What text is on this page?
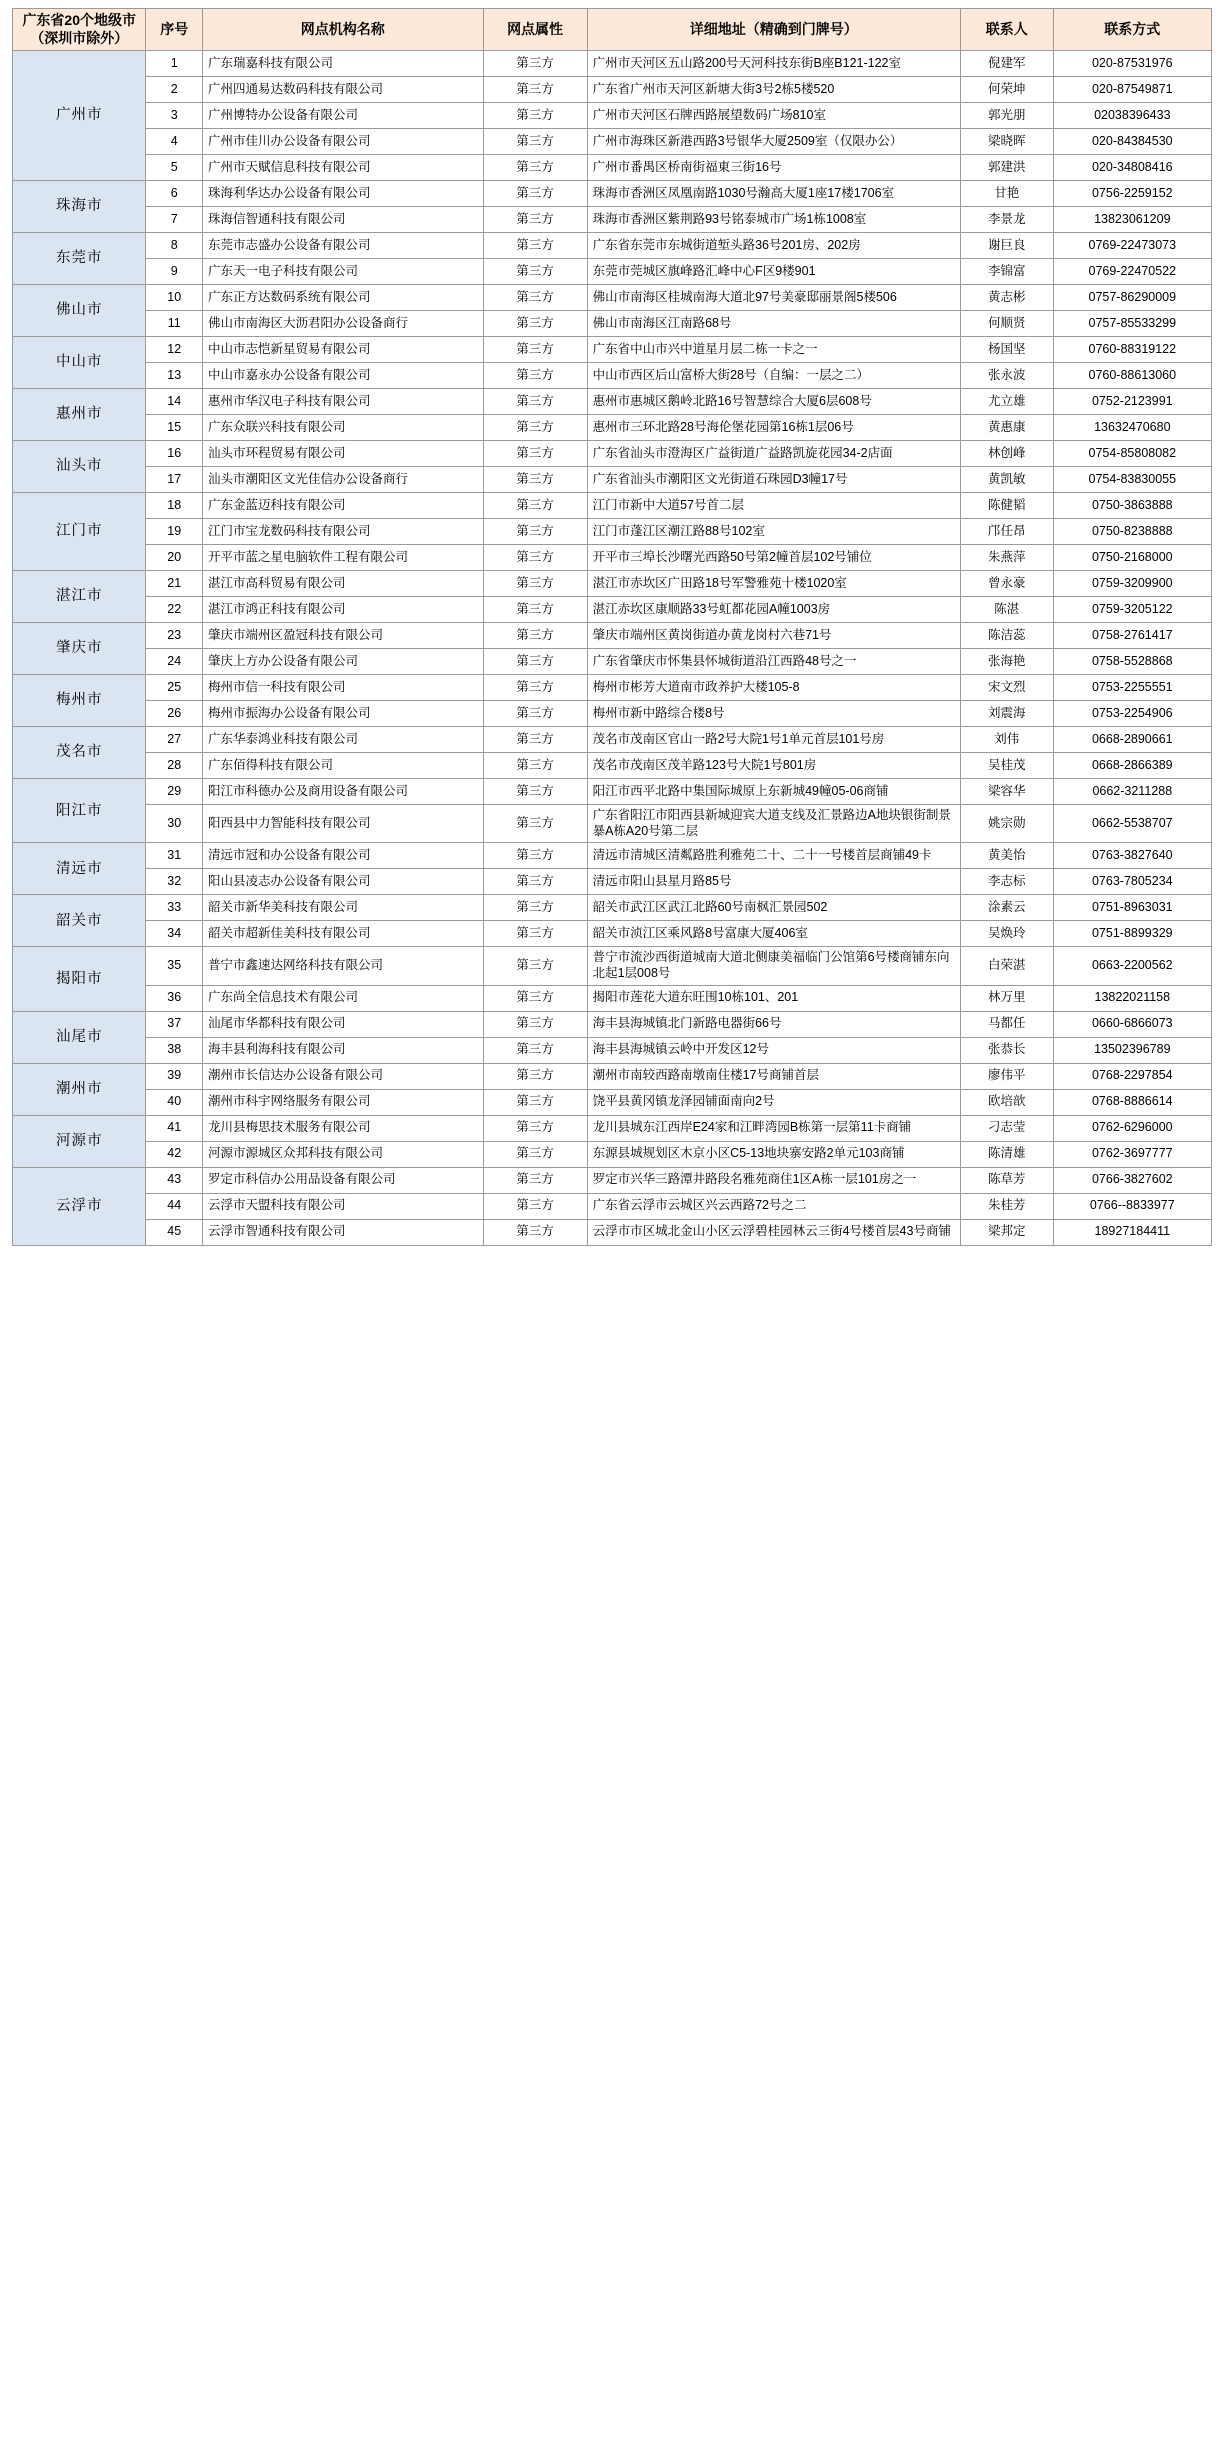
广东省20个地级市（深圳市除外）	序号	网点机构名称	网点属性	详细地址（精确到门牌号）	联系人	联系方式
广州市	1	广东瑞嘉科技有限公司	第三方	广州市天河区五山路200号天河科技东街B座B121-122室	倪建军	020-87531976
	2	广州四通易达数码科技有限公司	第三方	广东省广州市天河区新塘大街3号2栋5楼520	何荣坤	020-87549871
	3	广州博特办公设备有限公司	第三方	广州市天河区石牌西路展望数码广场810室	郭光朋	02038396433
	4	广州市佳川办公设备有限公司	第三方	广州市海珠区新港西路3号银华大厦2509室（仅限办公）	梁晓晖	020-84384530
	5	广州市天赋信息科技有限公司	第三方	广州市番禺区桥南街福東三街16号	郭建洪	020-34808416
珠海市	6	珠海利华达办公设备有限公司	第三方	珠海市香洲区凤凰南路1030号瀚高大厦1座17楼1706室	甘艳	0756-2259152
	7	珠海信智通科技有限公司	第三方	珠海市香洲区紫荆路93号铭泰城市广场1栋1008室	李景龙	13823061209
东莞市	8	东莞市志盛办公设备有限公司	第三方	广东省东莞市东城街道堑头路36号201房、202房	谢巨良	0769-22473073
	9	广东天一电子科技有限公司	第三方	东莞市莞城区旗峰路汇峰中心F区9楼901	李锦富	0769-22470522
佛山市	10	广东正方达数码系统有限公司	第三方	佛山市南海区桂城南海大道北97号美豪邸丽景阁5楼506	黄志彬	0757-86290009
	11	佛山市南海区大沥君阳办公设备商行	第三方	佛山市南海区江南路68号	何顺贤	0757-85533299
中山市	12	中山市志恺新星贸易有限公司	第三方	广东省中山市兴中道星月层二栋一卡之一	杨国坚	0760-88319122
	13	中山市嘉永办公设备有限公司	第三方	中山市西区后山富桥大街28号（自编：一层之二）	张永波	0760-88613060
惠州市	14	惠州市华汉电子科技有限公司	第三方	惠州市惠城区鹅岭北路16号智慧综合大厦6层608号	尤立雄	0752-2123991
	15	广东众联兴科技有限公司	第三方	惠州市三环北路28号海伦堡花园第16栋1层06号	黄惠康	13632470680
汕头市	16	汕头市环程贸易有限公司	第三方	广东省汕头市澄海区广益街道广益路凯旋花园34-2店面	林创峰	0754-85808082
	17	汕头市潮阳区文光佳信办公设备商行	第三方	广东省汕头市潮阳区文光街道石珠园D3幢17号	黄凯敏	0754-83830055
江门市	18	广东金蓝迈科技有限公司	第三方	江门市新中大道57号首二层	陈健韬	0750-3863888
	19	江门市宝龙数码科技有限公司	第三方	江门市蓬江区潮江路88号102室	邝任昂	0750-8238888
	20	开平市蓝之星电脑软件工程有限公司	第三方	开平市三埠长沙曙光西路50号第2幢首层102号铺位	朱燕萍	0750-2168000
湛江市	21	湛江市高科贸易有限公司	第三方	湛江市赤坎区广田路18号军警雅苑十楼1020室	曾永豪	0759-3209900
	22	湛江市鸿正科技有限公司	第三方	湛江赤坎区康顺路33号虹都花园A幢1003房	陈湛	0759-3205122
肇庆市	23	肇庆市端州区盈冠科技有限公司	第三方	肇庆市端州区黄岗街道办黄龙岗村六巷71号	陈洁蕊	0758-2761417
	24	肇庆上方办公设备有限公司	第三方	广东省肇庆市怀集县怀城街道沿江西路48号之一	张海艳	0758-5528868
梅州市	25	梅州市信一科技有限公司	第三方	梅州市彬芳大道南市政养护大楼105-8	宋文烈	0753-2255551
	26	梅州市振海办公设备有限公司	第三方	梅州市新中路综合楼8号	刘震海	0753-2254906
茂名市	27	广东华泰鸿业科技有限公司	第三方	茂名市茂南区官山一路2号大院1号1单元首层101号房	刘伟	0668-2890661
	28	广东佰得科技有限公司	第三方	茂名市茂南区茂羊路123号大院1号801房	吴桂茂	0668-2866389
阳江市	29	阳江市科德办公及商用设备有限公司	第三方	阳江市西平北路中集国际城原上东新城49幢05-06商铺	梁容华	0662-3211288
	30	阳西县中力智能科技有限公司	第三方	广东省阳江市阳西县新城迎宾大道支线及汇景路边A地块银街制景暴A栋A20号第二层	姚宗勋	0662-5538707
清远市	31	清远市冠和办公设备有限公司	第三方	清远市清城区清粼路胜利雅苑二十、二十一号楼首层商铺49卡	黄美怡	0763-3827640
	32	阳山县凌志办公设备有限公司	第三方	清远市阳山县星月路85号	李志标	0763-7805234
韶关市	33	韶关市新华美科技有限公司	第三方	韶关市武江区武江北路60号南枫汇景园502	涂素云	0751-8963031
	34	韶关市超新佳美科技有限公司	第三方	韶关市浈江区乘风路8号富康大厦406室	吴焕玲	0751-8899329
揭阳市	35	普宁市鑫速达网络科技有限公司	第三方	普宁市流沙西街道城南大道北侧康美福临门公馆第6号楼商铺东向北起1层008号	白荣湛	0663-2200562
	36	广东尚全信息技术有限公司	第三方	揭阳市莲花大道东旺围10栋101、201	林万里	13822021158
汕尾市	37	汕尾市华都科技有限公司	第三方	海丰县海城镇北门新路电器街66号	马都任	0660-6866073
	38	海丰县利海科技有限公司	第三方	海丰县海城镇云岭中开发区12号	张恭长	13502396789
潮州市	39	潮州市长信达办公设备有限公司	第三方	潮州市南较西路南墩南住楼17号商铺首层	廖伟平	0768-2297854
	40	潮州市科宇网络服务有限公司	第三方	饶平县黄冈镇龙泽园铺面南向2号	欧培歆	0768-8886614
河源市	41	龙川县梅思技术服务有限公司	第三方	龙川县城东江西岸E24家和江畔湾园B栋第一层第11卡商铺	刁志莹	0762-6296000
	42	河源市源城区众邦科技有限公司	第三方	东源县城规划区木京小区C5-13地块寨安路2单元103商铺	陈清雄	0762-3697777
云浮市	43	罗定市科信办公用品设备有限公司	第三方	罗定市兴华三路潭井路段名雅苑商住1区A栋一层101房之一	陈草芳	0766-3827602
	44	云浮市天盟科技有限公司	第三方	广东省云浮市云城区兴云西路72号之二	朱桂芳	0766--8833977
	45	云浮市智通科技有限公司	第三方	云浮市市区城北金山小区云浮碧桂园林云三街4号楼首层43号商铺	梁邦定	18927184411
